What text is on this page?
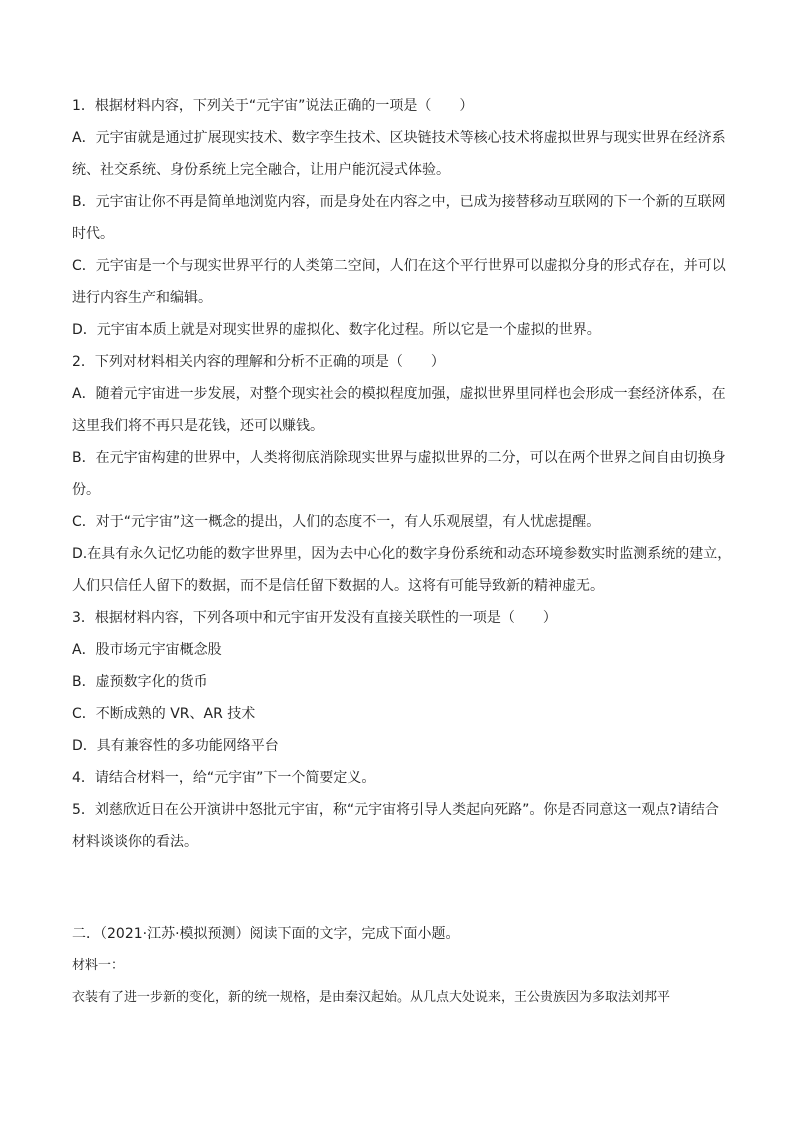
1．根据材料内容，下列关于“元宇宙”说法正确的一项是（　　）
A．元宇宙就是通过扩展现实技术、数字孪生技术、区块链技术等核心技术将虚拟世界与现实世界在经济系
统、社交系统、身份系统上完全融合，让用户能沉浸式体验。
B．元宇宙让你不再是简单地浏览内容，而是身处在内容之中，已成为接替移动互联网的下一个新的互联网
时代。
C．元宇宙是一个与现实世界平行的人类第二空间，人们在这个平行世界可以虚拟分身的形式存在，并可以
进行内容生产和编辑。
D．元宇宙本质上就是对现实世界的虚拟化、数字化过程。所以它是一个虚拟的世界。
2．下列对材料相关内容的理解和分析不正确的项是（　　）
A．随着元宇宙进一步发展，对整个现实社会的模拟程度加强，虚拟世界里同样也会形成一套经济体系，在
这里我们将不再只是花钱，还可以赚钱。
B．在元宇宙构建的世界中，人类将彻底消除现实世界与虚拟世界的二分，可以在两个世界之间自由切换身
份。
C．对于“元宇宙”这一概念的提出，人们的态度不一，有人乐观展望，有人忧虑提醒。
D.在具有永久记忆功能的数字世界里，因为去中心化的数字身份系统和动态环境参数实时监测系统的建立，
人们只信任人留下的数据，而不是信任留下数据的人。这将有可能导致新的精神虚无。
3．根据材料内容，下列各项中和元宇宙开发没有直接关联性的一项是（　　）
A．股市场元宇宙概念股
B．虚预数字化的货币
C．不断成熟的 VR、AR 技术
D．具有兼容性的多功能网络平台
4．请结合材料一，给“元宇宙”下一个简要定义。
5．刘慈欣近日在公开演讲中怒批元宇宙，称“元宇宙将引导人类起向死路”。你是否同意这一观点?请结合
材料谈谈你的看法。
二．（2021·江苏·模拟预测）阅读下面的文字，完成下面小题。
材料一：
衣装有了进一步新的变化，新的统一规格，是由秦汉起始。从几点大处说来，王公贵族因为多取法刘邦平
